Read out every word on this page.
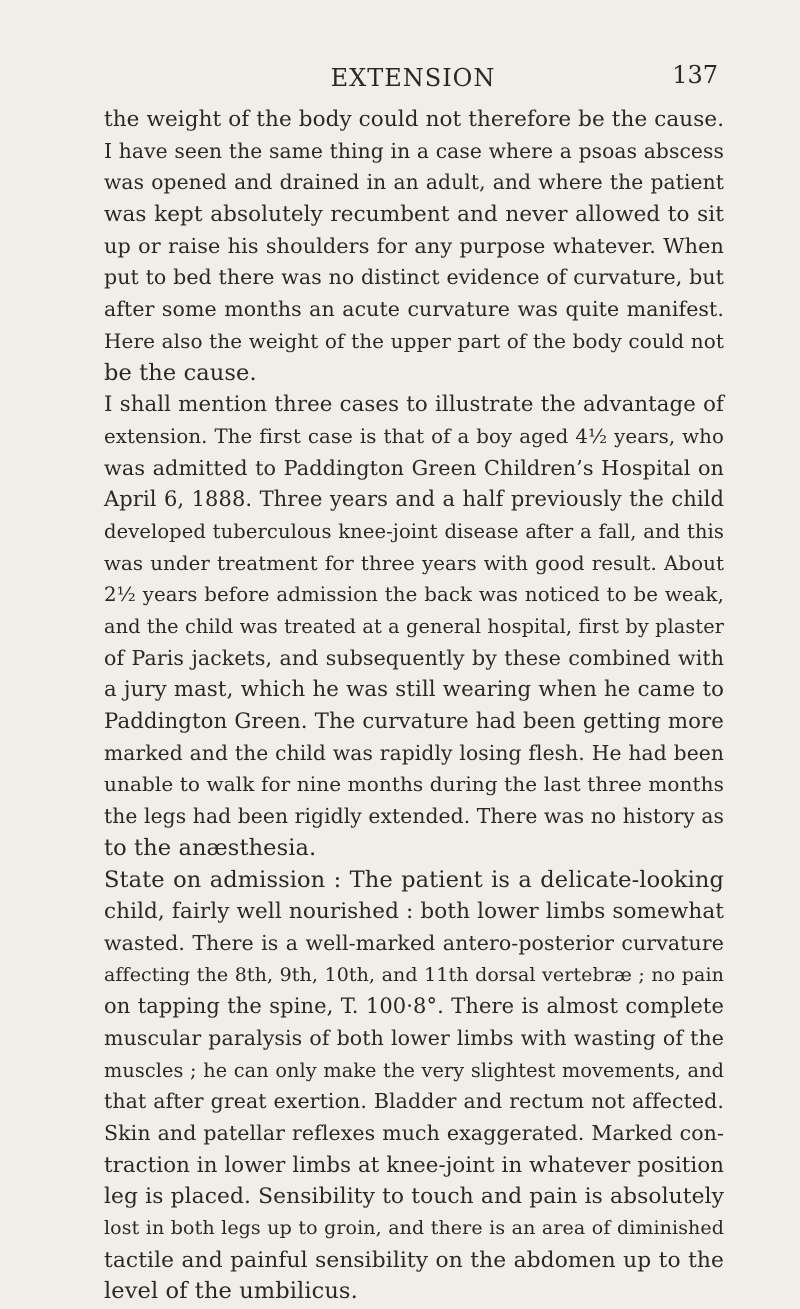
EXTENSION	137
the weight of the body could not therefore be the cause.
I have seen the same thing in a case where a psoas abscess
was opened and drained in an adult, and where the patient
was kept absolutely recumbent and never allowed to sit
up or raise his shoulders for any purpose whatever. When
put to bed there was no distinct evidence of curvature, but
after some months an acute curvature was quite manifest.
Here also the weight of the upper part of the body could not
be the cause.
I shall mention three cases to illustrate the advantage of
extension. The first case is that of a boy aged 4½ years, who
was admitted to Paddington Green Children’s Hospital on
April 6, 1888. Three years and a half previously the child
developed tuberculous knee-joint disease after a fall, and this
was under treatment for three years with good result. About
2½ years before admission the back was noticed to be weak,
and the child was treated at a general hospital, first by plaster
of Paris jackets, and subsequently by these combined with
a jury mast, which he was still wearing when he came to
Paddington Green. The curvature had been getting more
marked and the child was rapidly losing flesh. He had been
unable to walk for nine months during the last three months
the legs had been rigidly extended. There was no history as
to the anæsthesia.
State on admission : The patient is a delicate-looking
child, fairly well nourished : both lower limbs somewhat
wasted. There is a well-marked antero-posterior curvature
affecting the 8th, 9th, 10th, and 11th dorsal vertebræ ; no pain
on tapping the spine, T. 100·8°. There is almost complete
muscular paralysis of both lower limbs with wasting of the
muscles ; he can only make the very slightest movements, and
that after great exertion. Bladder and rectum not affected.
Skin and patellar reflexes much exaggerated. Marked con-
traction in lower limbs at knee-joint in whatever position
leg is placed. Sensibility to touch and pain is absolutely
lost in both legs up to groin, and there is an area of diminished
tactile and painful sensibility on the abdomen up to the
level of the umbilicus.
